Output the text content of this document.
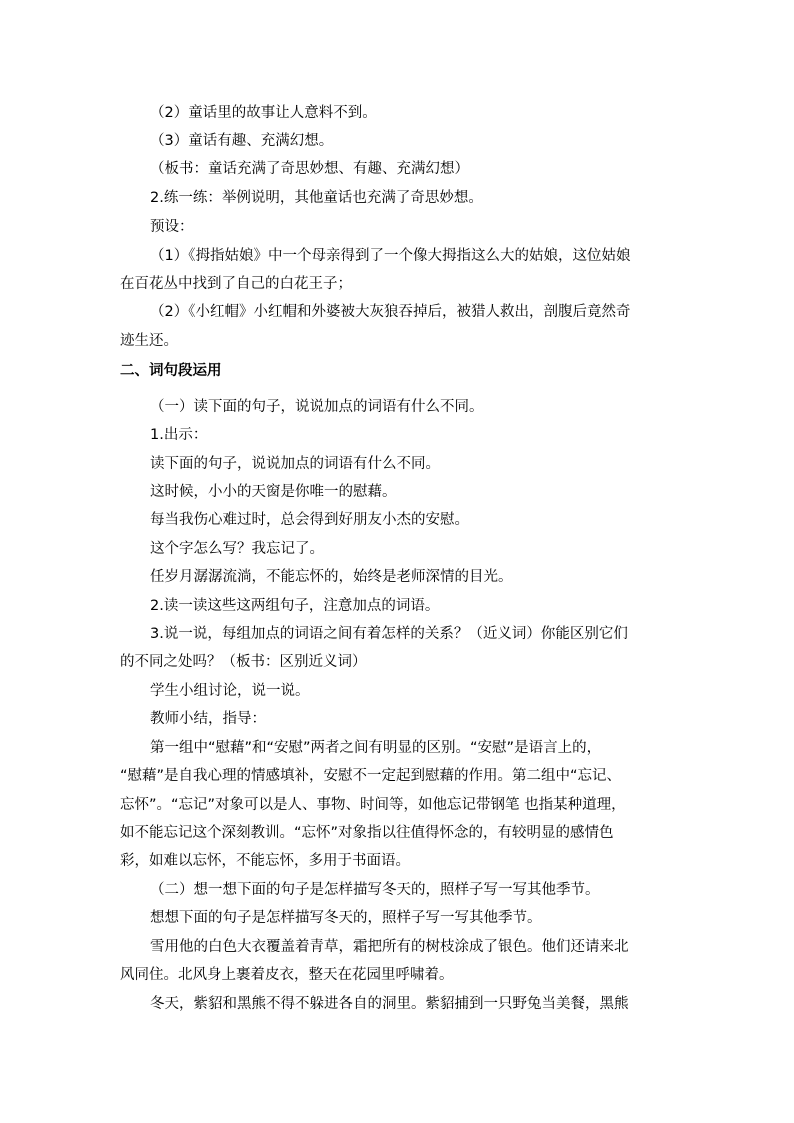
（2）童话里的故事让人意料不到。
（3）童话有趣、充满幻想。
（板书：童话充满了奇思妙想、有趣、充满幻想）
2.练一练：举例说明，其他童话也充满了奇思妙想。
预设：
（1）《拇指姑娘》中一个母亲得到了一个像大拇指这么大的姑娘，这位姑娘
在百花丛中找到了自己的白花王子；
（2）《小红帽》小红帽和外婆被大灰狼吞掉后，被猎人救出，剖腹后竟然奇
迹生还。
二、词句段运用
（一）读下面的句子，说说加点的词语有什么不同。
1.出示：
读下面的句子，说说加点的词语有什么不同。
这时候，小小的天窗是你唯一的慰藉。
每当我伤心难过时，总会得到好朋友小杰的安慰。
这个字怎么写？我忘记了。
任岁月潺潺流淌，不能忘怀的，始终是老师深情的目光。
2.读一读这些这两组句子，注意加点的词语。
3.说一说，每组加点的词语之间有着怎样的关系？（近义词）你能区别它们
的不同之处吗？（板书：区别近义词）
学生小组讨论，说一说。
教师小结，指导：
第一组中“慰藉”和“安慰”两者之间有明显的区别。“安慰”是语言上的，
“慰藉”是自我心理的情感填补，安慰不一定起到慰藉的作用。第二组中“忘记、
忘怀”。“忘记”对象可以是人、事物、时间等，如他忘记带钢笔 也指某种道理，
如不能忘记这个深刻教训。“忘怀”对象指以往值得怀念的，有较明显的感情色
彩，如难以忘怀，不能忘怀，多用于书面语。
（二）想一想下面的句子是怎样描写冬天的，照样子写一写其他季节。
想想下面的句子是怎样描写冬天的，照样子写一写其他季节。
雪用他的白色大衣覆盖着青草，霜把所有的树枝涂成了银色。他们还请来北
风同住。北风身上裹着皮衣，整天在花园里呼啸着。
冬天，紫貂和黑熊不得不躲进各自的洞里。紫貂捕到一只野兔当美餐，黑熊
